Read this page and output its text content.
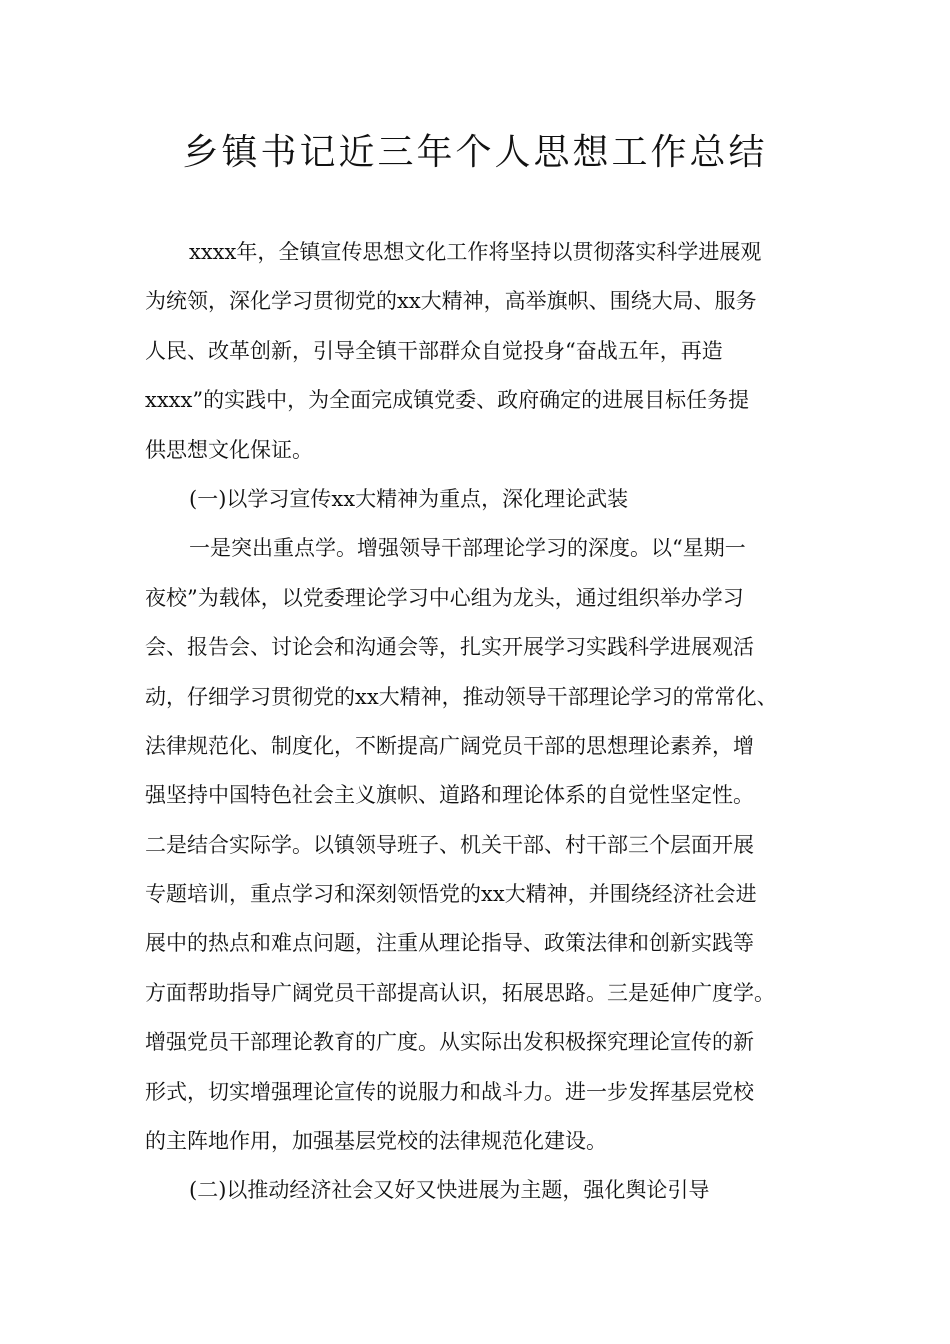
乡镇书记近三年个人思想工作总结
xxxx年，全镇宣传思想文化工作将坚持以贯彻落实科学进展观
为统领，深化学习贯彻党的xx大精神，高举旗帜、围绕大局、服务
人民、改革创新，引导全镇干部群众自觉投身“奋战五年，再造
xxxx”的实践中，为全面完成镇党委、政府确定的进展目标任务提
供思想文化保证。
(一)以学习宣传xx大精神为重点，深化理论武装
一是突出重点学。增强领导干部理论学习的深度。以“星期一
夜校”为载体，以党委理论学习中心组为龙头，通过组织举办学习
会、报告会、讨论会和沟通会等，扎实开展学习实践科学进展观活
动，仔细学习贯彻党的xx大精神，推动领导干部理论学习的常常化、
法律规范化、制度化，不断提高广阔党员干部的思想理论素养，增
强坚持中国特色社会主义旗帜、道路和理论体系的自觉性坚定性。
二是结合实际学。以镇领导班子、机关干部、村干部三个层面开展
专题培训，重点学习和深刻领悟党的xx大精神，并围绕经济社会进
展中的热点和难点问题，注重从理论指导、政策法律和创新实践等
方面帮助指导广阔党员干部提高认识，拓展思路。三是延伸广度学。
增强党员干部理论教育的广度。从实际出发积极探究理论宣传的新
形式，切实增强理论宣传的说服力和战斗力。进一步发挥基层党校
的主阵地作用，加强基层党校的法律规范化建设。
(二)以推动经济社会又好又快进展为主题，强化舆论引导
